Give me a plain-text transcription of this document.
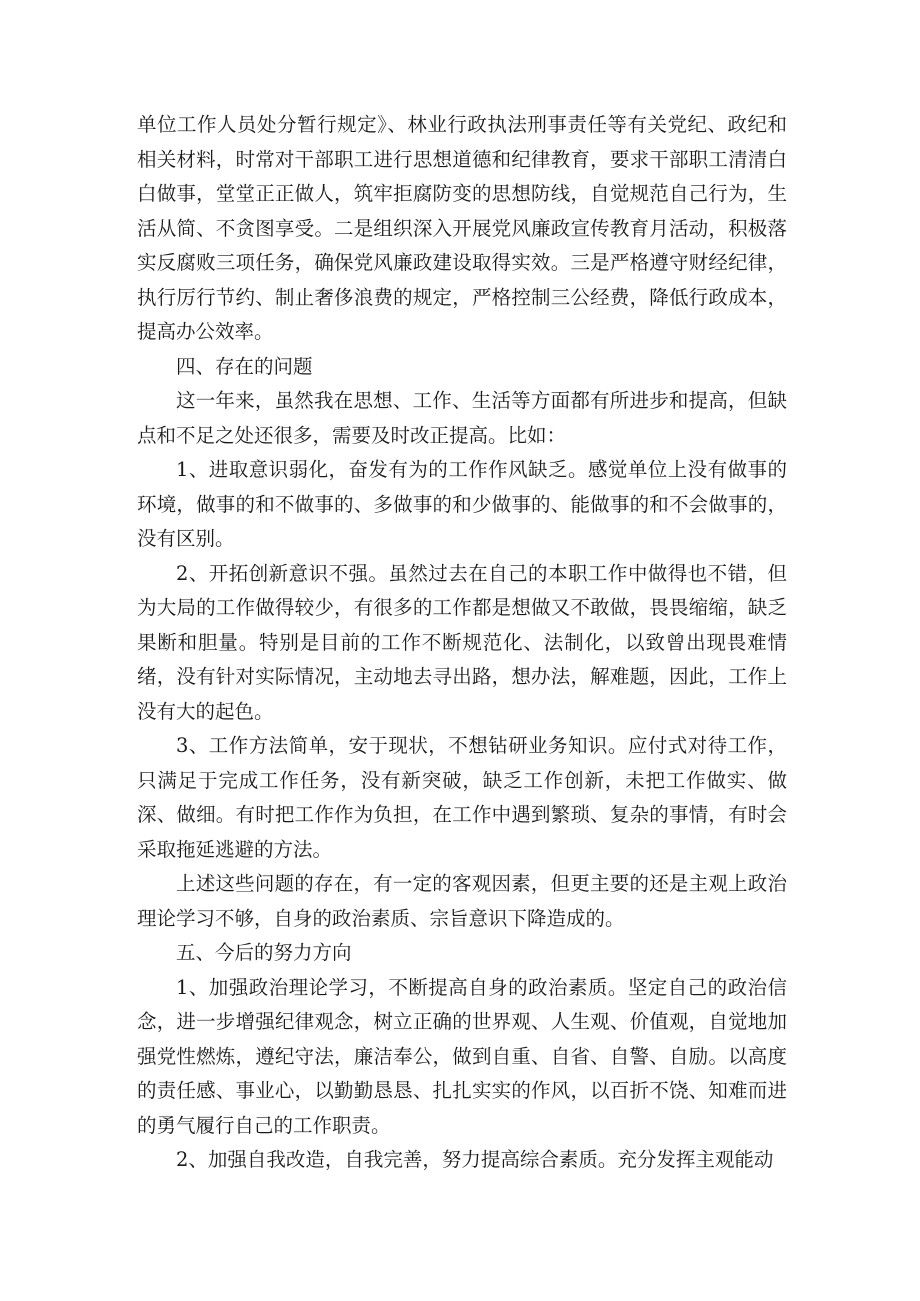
单位工作人员处分暂行规定》、林业行政执法刑事责任等有关党纪、政纪和相关材料，时常对干部职工进行思想道德和纪律教育，要求干部职工清清白白做事，堂堂正正做人，筑牢拒腐防变的思想防线，自觉规范自己行为，生活从简、不贪图享受。二是组织深入开展党风廉政宣传教育月活动，积极落实反腐败三项任务，确保党风廉政建设取得实效。三是严格遵守财经纪律，执行厉行节约、制止奢侈浪费的规定，严格控制三公经费，降低行政成本，提高办公效率。

四、存在的问题

这一年来，虽然我在思想、工作、生活等方面都有所进步和提高，但缺点和不足之处还很多，需要及时改正提高。比如：

1、进取意识弱化，奋发有为的工作作风缺乏。感觉单位上没有做事的环境，做事的和不做事的、多做事的和少做事的、能做事的和不会做事的，没有区别。

2、开拓创新意识不强。虽然过去在自己的本职工作中做得也不错，但为大局的工作做得较少，有很多的工作都是想做又不敢做，畏畏缩缩，缺乏果断和胆量。特别是目前的工作不断规范化、法制化，以致曾出现畏难情绪，没有针对实际情况，主动地去寻出路，想办法，解难题，因此，工作上没有大的起色。

3、工作方法简单，安于现状，不想钻研业务知识。应付式对待工作，只满足于完成工作任务，没有新突破，缺乏工作创新，未把工作做实、做深、做细。有时把工作作为负担，在工作中遇到繁琐、复杂的事情，有时会采取拖延逃避的方法。

上述这些问题的存在，有一定的客观因素，但更主要的还是主观上政治理论学习不够，自身的政治素质、宗旨意识下降造成的。

五、今后的努力方向

1、加强政治理论学习，不断提高自身的政治素质。坚定自己的政治信念，进一步增强纪律观念，树立正确的世界观、人生观、价值观，自觉地加强党性燃炼，遵纪守法，廉洁奉公，做到自重、自省、自警、自励。以高度的责任感、事业心，以勤勤恳恳、扎扎实实的作风，以百折不饶、知难而进的勇气履行自己的工作职责。

2、加强自我改造，自我完善，努力提高综合素质。充分发挥主观能动
